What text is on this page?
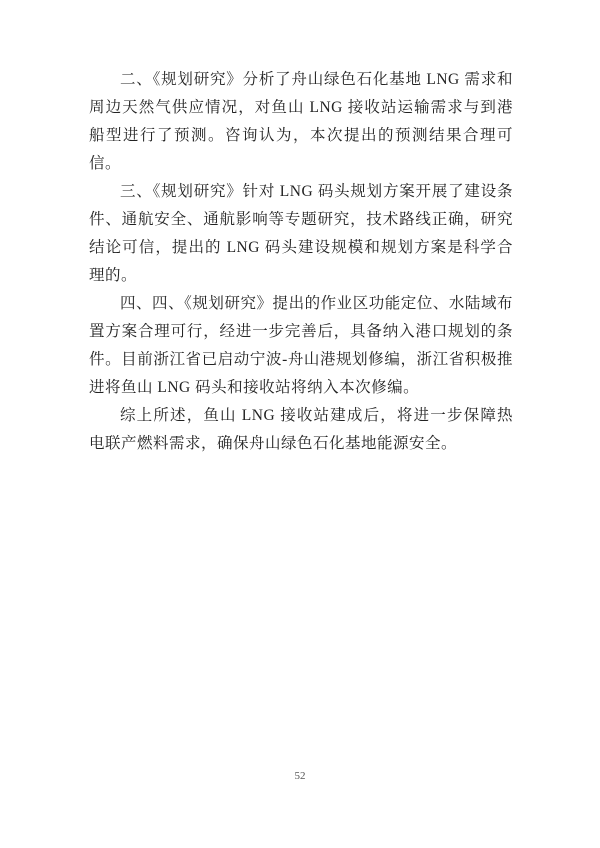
二、《规划研究》分析了舟山绿色石化基地 LNG 需求和周边天然气供应情况，对鱼山 LNG 接收站运输需求与到港船型进行了预测。咨询认为，本次提出的预测结果合理可信。

三、《规划研究》针对 LNG 码头规划方案开展了建设条件、通航安全、通航影响等专题研究，技术路线正确，研究结论可信，提出的 LNG 码头建设规模和规划方案是科学合理的。

四、四、《规划研究》提出的作业区功能定位、水陆域布置方案合理可行，经进一步完善后，具备纳入港口规划的条件。目前浙江省已启动宁波-舟山港规划修编，浙江省积极推进将鱼山 LNG 码头和接收站将纳入本次修编。

综上所述，鱼山 LNG 接收站建成后，将进一步保障热电联产燃料需求，确保舟山绿色石化基地能源安全。

52
